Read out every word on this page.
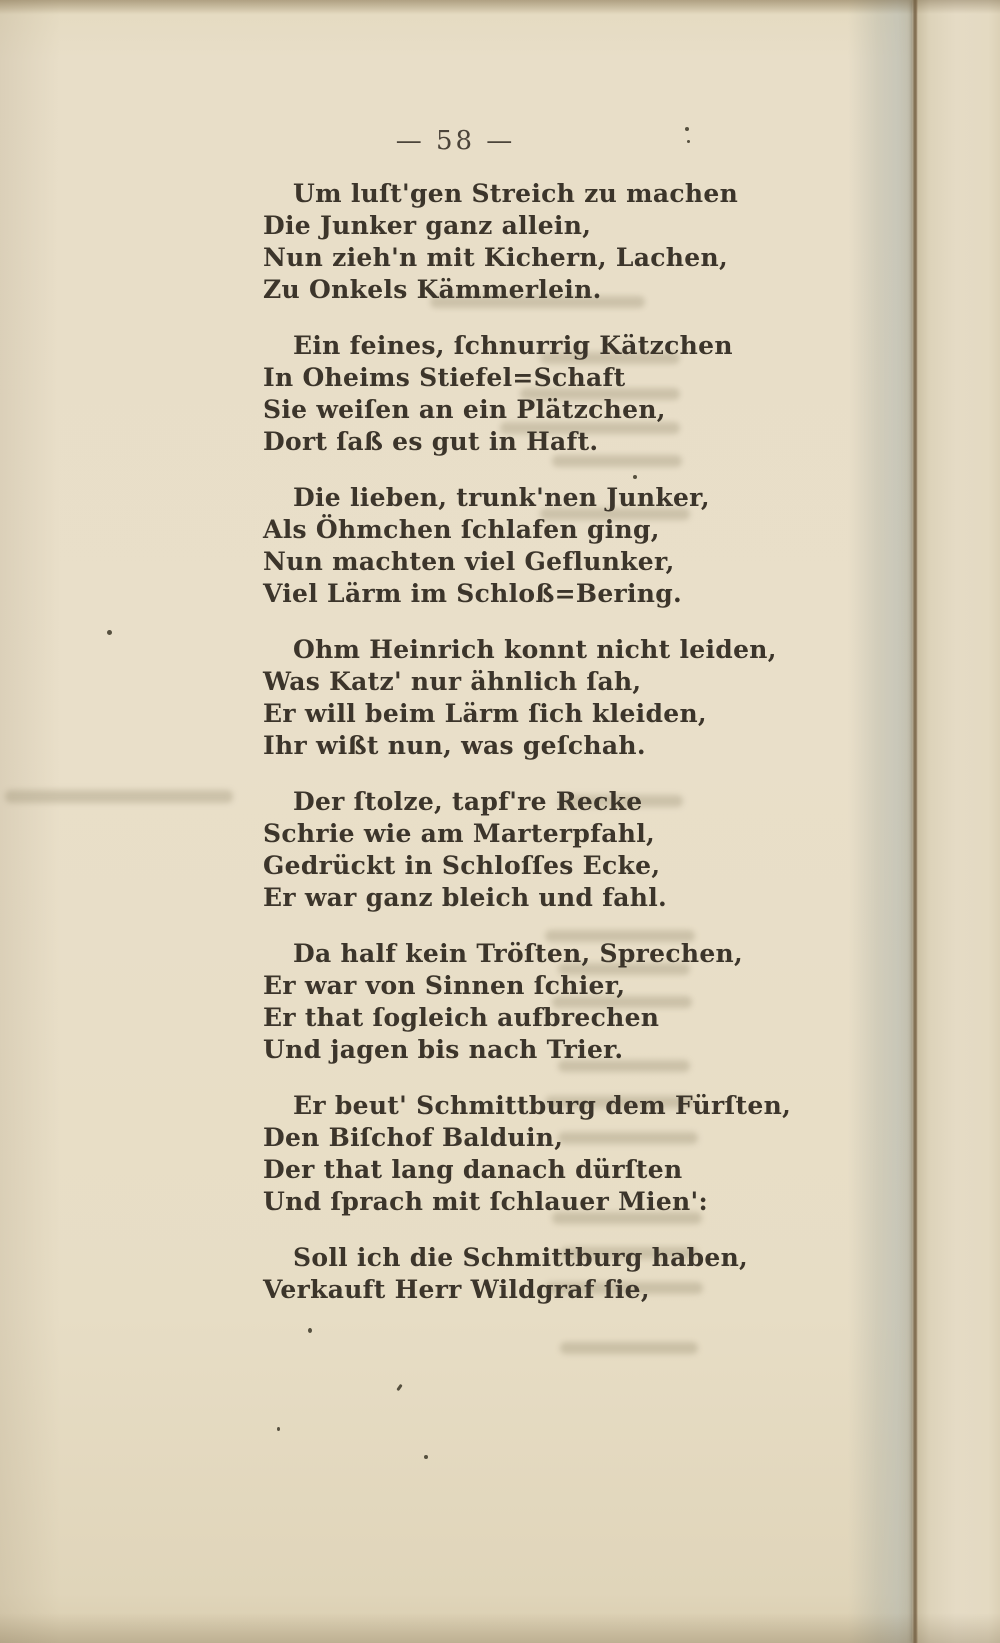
— 58 —
Um luſt'gen Streich zu machen
Die Junker ganz allein,
Nun zieh'n mit Kichern, Lachen,
Zu Onkels Kämmerlein.
Ein feines, ſchnurrig Kätzchen
In Oheims Stiefel=Schaft
Sie weiſen an ein Plätzchen,
Dort ſaß es gut in Haft.
Die lieben, trunk'nen Junker,
Als Öhmchen ſchlafen ging,
Nun machten viel Geflunker,
Viel Lärm im Schloß=Bering.
Ohm Heinrich konnt nicht leiden,
Was Katz' nur ähnlich ſah,
Er will beim Lärm ſich kleiden,
Ihr wißt nun, was geſchah.
Der ſtolze, tapf're Recke
Schrie wie am Marterpfahl,
Gedrückt in Schloſſes Ecke,
Er war ganz bleich und fahl.
Da half kein Tröſten, Sprechen,
Er war von Sinnen ſchier,
Er that ſogleich aufbrechen
Und jagen bis nach Trier.
Er beut' Schmittburg dem Fürſten,
Den Biſchof Balduin,
Der that lang danach dürſten
Und ſprach mit ſchlauer Mien':
Soll ich die Schmittburg haben,
Verkauft Herr Wildgraf ſie,
